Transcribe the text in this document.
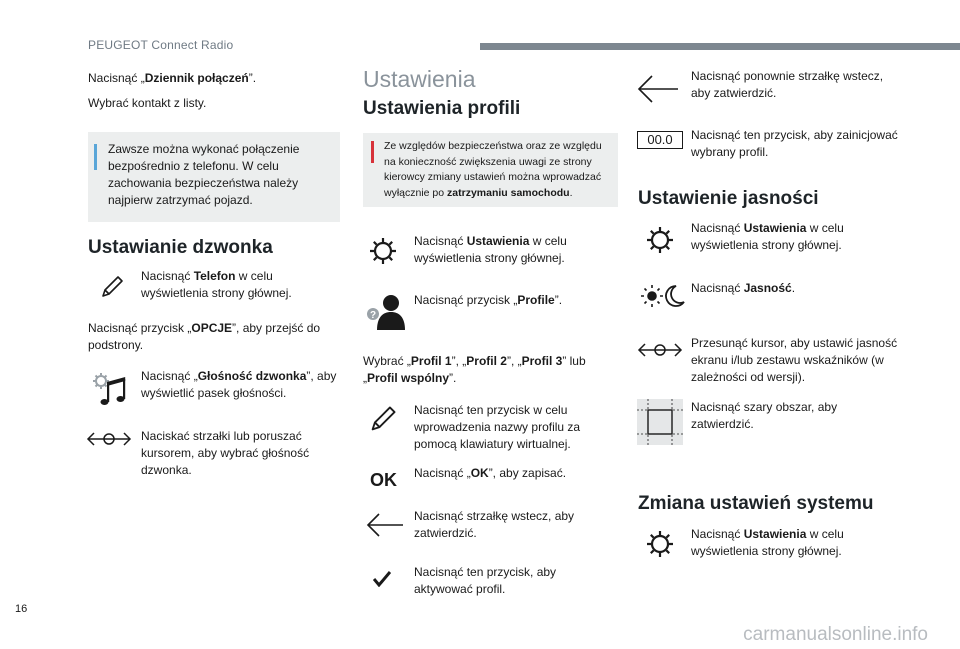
PEUGEOT Connect Radio
Nacisnąć „Dziennik połączeń”.
Wybrać kontakt z listy.
Zawsze można wykonać połączenie bezpośrednio z telefonu. W celu zachowania bezpieczeństwa należy najpierw zatrzymać pojazd.
Ustawianie dzwonka
Nacisnąć Telefon w celu wyświetlenia strony głównej.
Nacisnąć przycisk „OPCJE”, aby przejść do podstrony.
Nacisnąć „Głośność dzwonka”, aby wyświetlić pasek głośności.
Naciskać strzałki lub poruszać kursorem, aby wybrać głośność dzwonka.
Ustawienia
Ustawienia profili
Ze względów bezpieczeństwa oraz ze względu na konieczność zwiększenia uwagi ze strony kierowcy zmiany ustawień można wprowadzać wyłącznie po zatrzymaniu samochodu.
Nacisnąć Ustawienia w celu wyświetlenia strony głównej.
?
Nacisnąć przycisk „Profile”.
Wybrać „Profil 1”, „Profil 2”, „Profil 3” lub „Profil wspólny”.
Nacisnąć ten przycisk w celu wprowadzenia nazwy profilu za pomocą klawiatury wirtualnej.
OK Nacisnąć „OK”, aby zapisać.
Nacisnąć strzałkę wstecz, aby zatwierdzić.
Nacisnąć ten przycisk, aby aktywować profil.
Nacisnąć ponownie strzałkę wstecz, aby zatwierdzić.
00.0	Nacisnąć ten przycisk, aby zainicjować wybrany profil.
Ustawienie jasności
Nacisnąć Ustawienia w celu wyświetlenia strony głównej.
Nacisnąć Jasność.
Przesunąć kursor, aby ustawić jasność ekranu i/lub zestawu wskaźników (w zależności od wersji).
Nacisnąć szary obszar, aby zatwierdzić.
Zmiana ustawień systemu
Nacisnąć Ustawienia w celu wyświetlenia strony głównej.
16
carmanualsonline.info
